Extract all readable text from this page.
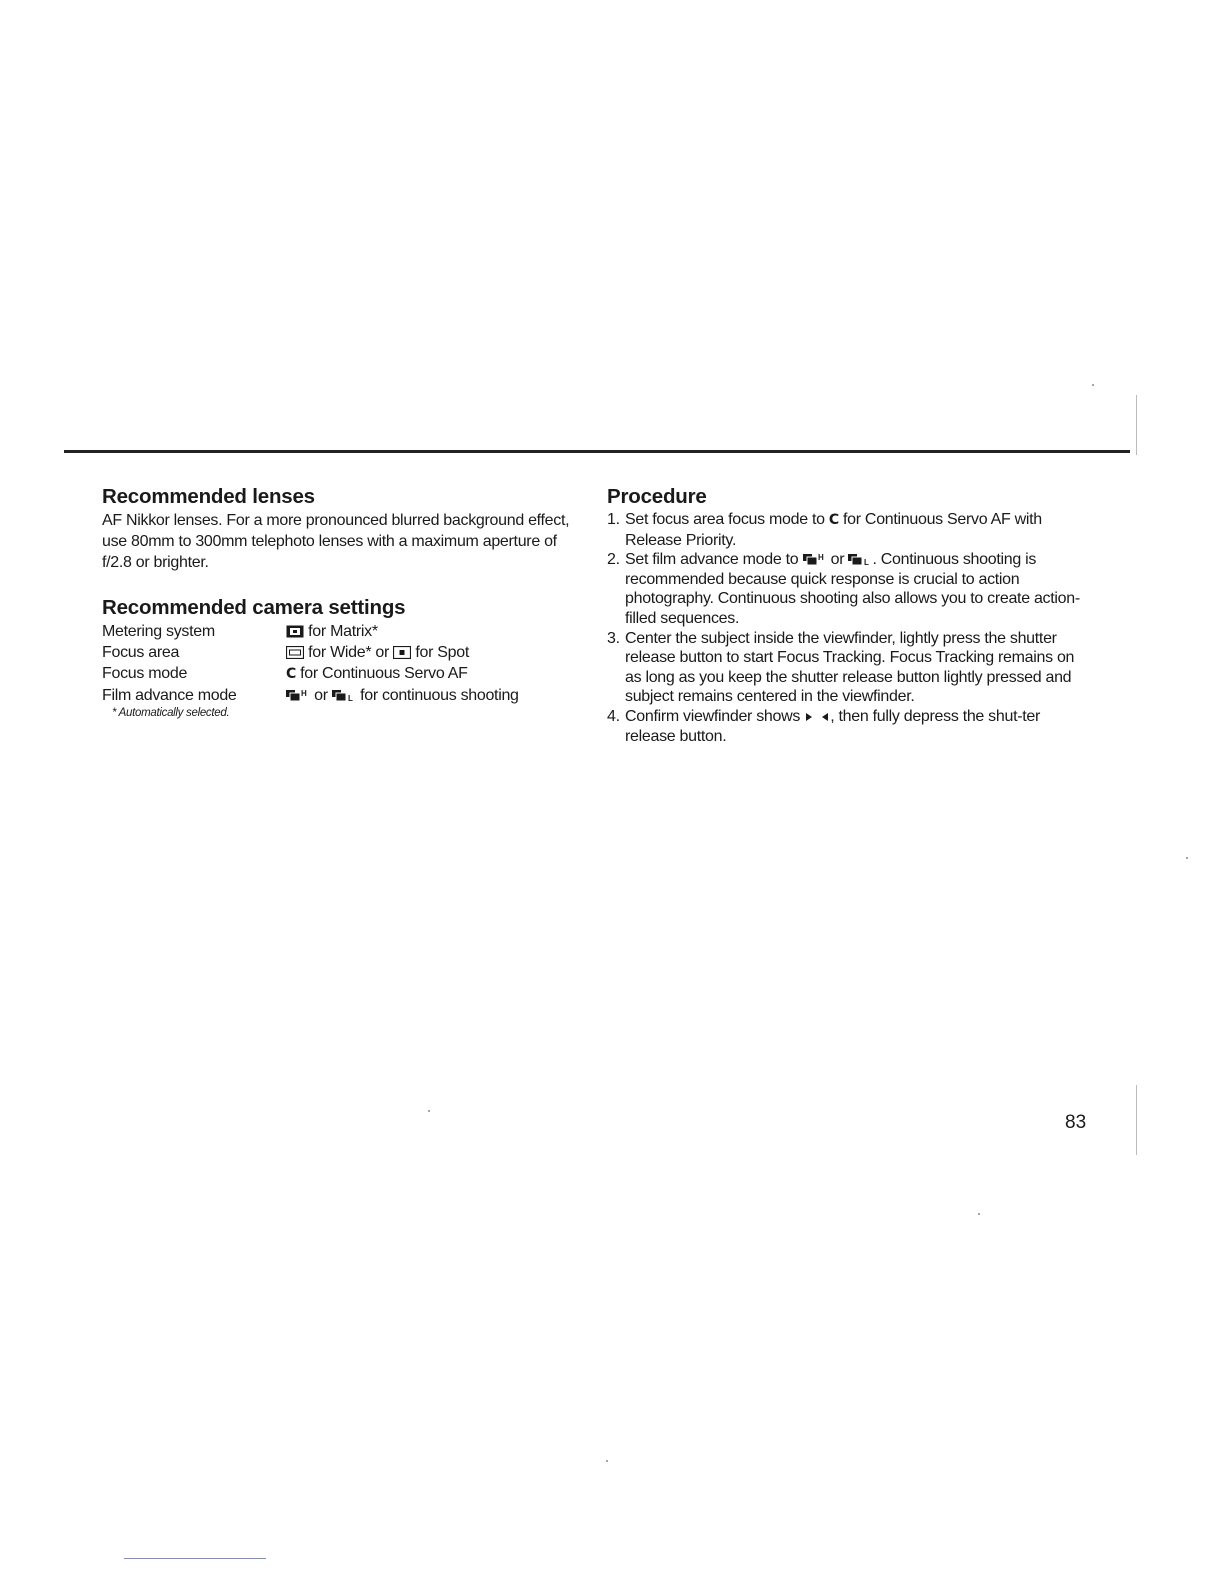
Recommended lenses

AF Nikkor lenses. For a more pronounced blurred background effect, use 80mm to 300mm telephoto lenses with a maximum aperture of f/2.8 or brighter.

Recommended camera settings
Metering system	for Matrix*
Focus area	for Wide* or for Spot
Focus mode	C for Continuous Servo AF
Film advance mode	H or	L for continuous shooting
* Automatically selected.
Procedure
1. Set focus area focus mode to C for Continuous Servo AF with Release Priority.
2. Set film advance mode to H or	L . Continuous shooting is recommended because quick response is crucial to action photography. Continuous shooting also allows you to create action-filled sequences.
3. Center the subject inside the viewfinder, lightly press the shutter release button to start Focus Tracking. Focus Tracking remains on as long as you keep the shutter release button lightly pressed and subject remains centered in the viewfinder.
4. Confirm viewfinder shows , then fully depress the shut-ter release button.
83
